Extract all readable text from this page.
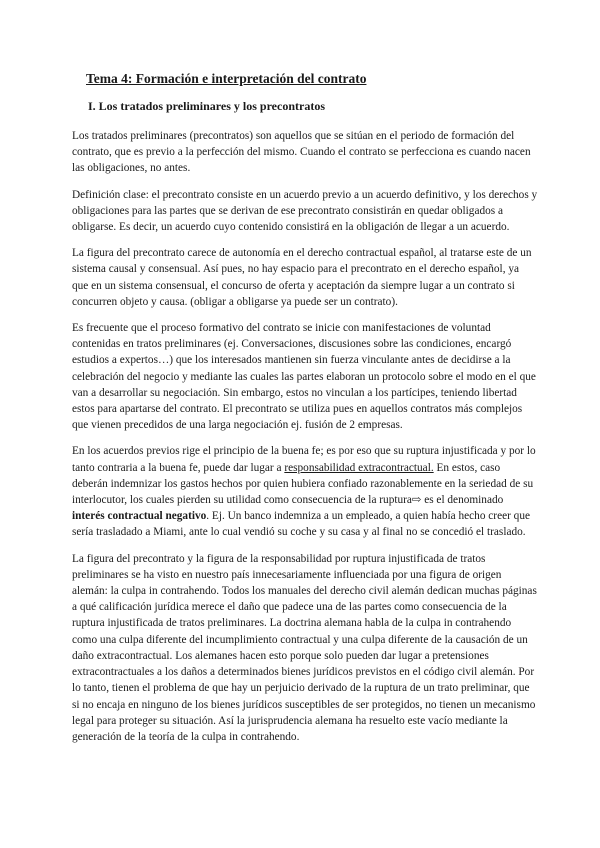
Tema 4: Formación e interpretación del contrato
I. Los tratados preliminares y los precontratos

Los tratados preliminares (precontratos) son aquellos que se sitúan en el periodo de formación del contrato, que es previo a la perfección del mismo. Cuando el contrato se perfecciona es cuando nacen las obligaciones, no antes.

Definición clase: el precontrato consiste en un acuerdo previo a un acuerdo definitivo, y los derechos y obligaciones para las partes que se derivan de ese precontrato consistirán en quedar obligados a obligarse. Es decir, un acuerdo cuyo contenido consistirá en la obligación de llegar a un acuerdo.

La figura del precontrato carece de autonomía en el derecho contractual español, al tratarse este de un sistema causal y consensual. Así pues, no hay espacio para el precontrato en el derecho español, ya que en un sistema consensual, el concurso de oferta y aceptación da siempre lugar a un contrato si concurren objeto y causa. (obligar a obligarse ya puede ser un contrato).

Es frecuente que el proceso formativo del contrato se inicie con manifestaciones de voluntad contenidas en tratos preliminares (ej. Conversaciones, discusiones sobre las condiciones, encargó estudios a expertos…) que los interesados mantienen sin fuerza vinculante antes de decidirse a la celebración del negocio y mediante las cuales las partes elaboran un protocolo sobre el modo en el que van a desarrollar su negociación. Sin embargo, estos no vinculan a los partícipes, teniendo libertad estos para apartarse del contrato. El precontrato se utiliza pues en aquellos contratos más complejos que vienen precedidos de una larga negociación ej. fusión de 2 empresas.

En los acuerdos previos rige el principio de la buena fe; es por eso que su ruptura injustificada y por lo tanto contraria a la buena fe, puede dar lugar a responsabilidad extracontractual. En estos, caso deberán indemnizar los gastos hechos por quien hubiera confiado razonablemente en la seriedad de su interlocutor, los cuales pierden su utilidad como consecuencia de la ruptura⇨ es el denominado interés contractual negativo. Ej. Un banco indemniza a un empleado, a quien había hecho creer que sería trasladado a Miami, ante lo cual vendió su coche y su casa y al final no se concedió el traslado.

La figura del precontrato y la figura de la responsabilidad por ruptura injustificada de tratos preliminares se ha visto en nuestro país innecesariamente influenciada por una figura de origen alemán: la culpa in contrahendo. Todos los manuales del derecho civil alemán dedican muchas páginas a qué calificación jurídica merece el daño que padece una de las partes como consecuencia de la ruptura injustificada de tratos preliminares. La doctrina alemana habla de la culpa in contrahendo como una culpa diferente del incumplimiento contractual y una culpa diferente de la causación de un daño extracontractual. Los alemanes hacen esto porque solo pueden dar lugar a pretensiones extracontractuales a los daños a determinados bienes jurídicos previstos en el código civil alemán. Por lo tanto, tienen el problema de que hay un perjuicio derivado de la ruptura de un trato preliminar, que si no encaja en ninguno de los bienes jurídicos susceptibles de ser protegidos, no tienen un mecanismo legal para proteger su situación. Así la jurisprudencia alemana ha resuelto este vacío mediante la generación de la teoría de la culpa in contrahendo.
